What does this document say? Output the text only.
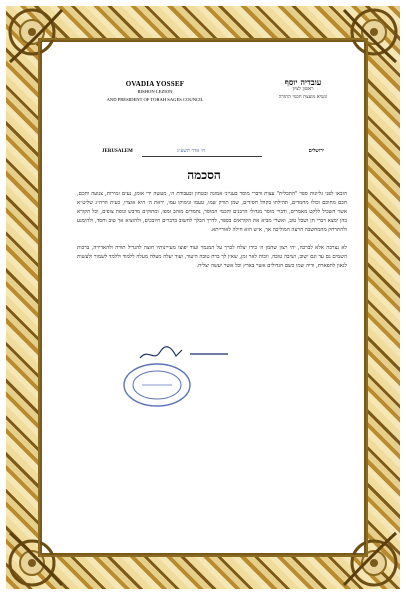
OVADIA YOSSEF
RISHON LEZION
AND PRESIDENT OF TORAH SAGES COUNCIL
עובדיה יוסף
ראשון לציון
ונשיא מועצת חכמי התורה
JERUSALEM	ח׳ אדר תשע״ג	ירושלים
הסכמה

הובאו לפני גליונות ספר "התכלית" עצות ודברי מוסר בענייני אמונה ובטחון ובעבודת ה׳, מעשה ידי אומן, נעים זמירות, צנועה וחכם, חכם מחוכם וכולו מחמדים, תהילתו בקהל חסידים, שמן תורק שמו, טעמו ונימוקו עמו, יראת ה׳ היא אוצרו, כעית הרה״ג שליט״א אשר השכיל ללקט מאמרים, ודברי מוסר מגדולי הרבנים והכמי המוסר, נחמדים מזהב ומפז, ומתוקים מדבש ונופת צופים, וכל הקורא בהן ימצא דברי חן ושכל טוב, ואשרי מביא את הקוראים בספר, לדרך הבלך לחשוב בדברים חיובכים, ולהוציא אך טוב וחסד, ולהימנע ולהתרחק מהמחשבה הרעה המוליכה אך, איש הוא חילה לאורייתא.

לא נצרכה אלא לברכה, יהי רצון שהמן ה׳ בידו יצלח לכרך על המגמר ועוד יפוצו מעייינותיו חוצה להגדיל תורה ולהאדירה, ברכות השמים גם עד וגם ישוב, ושיבה טובה, וזכות לאר זמן, שאין לך ברח טובה היעוד, ועוד יעלה מעלה מעלה ללמוד וללמד לשמור ולעשות לגאון לתפארת, ודיה שמו כשם הגדולים אשר בארץ וכל אשר יעשה יצליח.
